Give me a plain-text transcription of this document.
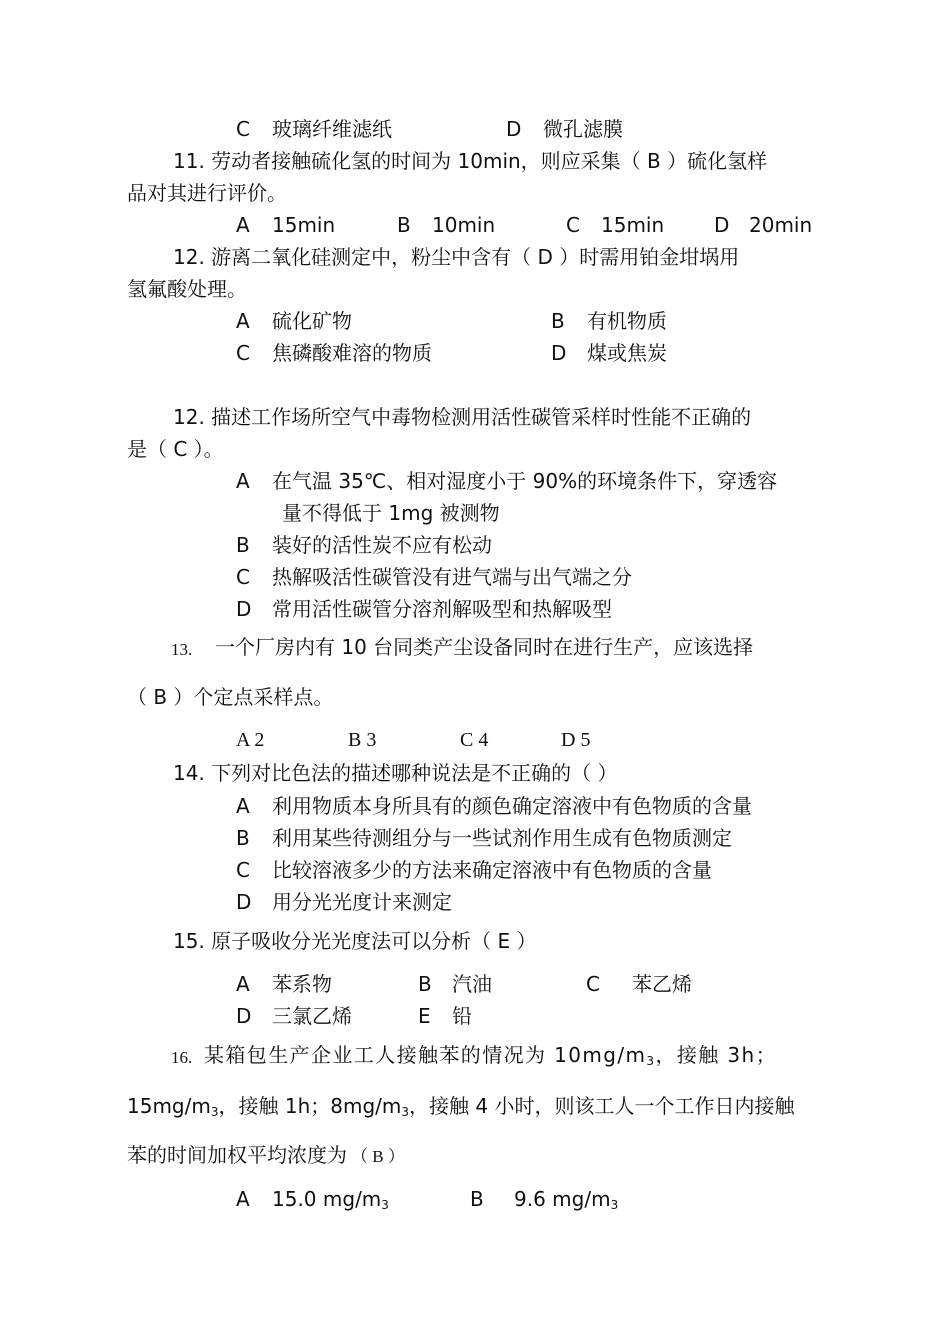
C 玻璃纤维滤纸	D 微孔滤膜
11. 劳动者接触硫化氢的时间为 10min，则应采集（ B ）硫化氢样
品对其进行评价。
A 15min	B 10min	C 15min D 20min
12. 游离二氧化硅测定中，粉尘中含有（ D ）时需用铂金坩埚用
氢氟酸处理。
A 硫化矿物	B 有机物质
C 焦磷酸难溶的物质	D 煤或焦炭
12. 描述工作场所空气中毒物检测用活性碳管采样时性能不正确的
是（ C ）。
A 在气温 35℃、相对湿度小于 90%的环境条件下，穿透容
量不得低于 1mg 被测物
B 装好的活性炭不应有松动
C 热解吸活性碳管没有进气端与出气端之分
D 常用活性碳管分溶剂解吸型和热解吸型
13. 一个厂房内有 10 台同类产尘设备同时在进行生产，应该选择
（ B ）个定点采样点。
A 2	B 3	C 4	D 5
14. 下列对比色法的描述哪种说法是不正确的（ ）
A 利用物质本身所具有的颜色确定溶液中有色物质的含量
B 利用某些待测组分与一些试剂作用生成有色物质测定
C 比较溶液多少的方法来确定溶液中有色物质的含量
D 用分光光度计来测定
15. 原子吸收分光光度法可以分析（ E ）
A 苯系物	B 汽油	C 苯乙烯
D 三氯乙烯	E 铅
16. 某箱包生产企业工人接触苯的情况为 10mg/m3，接触 3h；
15mg/m3，接触 1h；8mg/m3，接触 4 小时，则该工人一个工作日内接触
苯的时间加权平均浓度为 （ B ）
A 15.0 mg/m3	B 9.6 mg/m3
